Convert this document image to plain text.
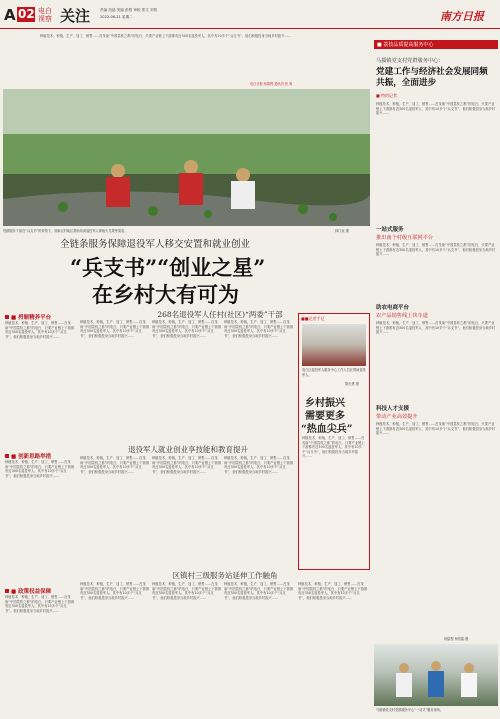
A 02 电白
视察 关注	责编 范晶 美编 彭银 审校 郑文 刘智
2022-06-21 星期二	南方日报
种植技术、种植，生产、加工、销售……在茂南“中国荔枝之都”的电白，只要产业链上下游都有近300名退役军人，其中有10多个“兵支书”，他们积极投身当地乡村振兴……
电白日报 杨铭程 通讯员 张 爽
驻镇服务干部在“兵支书”的带领下，到新农村地区帮助培训退役军人种植火龙果等果苗。	林门冠 摄
全链条服务保障退役军人移交安置和就业创业
“兵支书”“创业之星”
在乡村大有可为
■ 捋顺精养平台
种植技术、种植，生产、加工、销售……在茂南“中国荔枝之都”的电白，只要产业链上下游都有近300名退役军人，其中有10多个“兵支书”，他们积极投身当地乡村振兴……
■ 创新思路举措
种植技术、种植，生产、加工、销售……在茂南“中国荔枝之都”的电白，只要产业链上下游都有近300名退役军人，其中有10多个“兵支书”，他们积极投身当地乡村振兴……
■ 政策权益保障
种植技术、种植，生产、加工、销售……在茂南“中国荔枝之都”的电白，只要产业链上下游都有近300名退役军人，其中有10多个“兵支书”，他们积极投身当地乡村振兴……
268名退役军人任村(社区)“两委”干部
种植技术、种植，生产、加工、销售……在茂南“中国荔枝之都”的电白，只要产业链上下游都有近300名退役军人，其中有10多个“兵支书”，他们积极投身当地乡村振兴……
种植技术、种植，生产、加工、销售……在茂南“中国荔枝之都”的电白，只要产业链上下游都有近300名退役军人，其中有10多个“兵支书”，他们积极投身当地乡村振兴……
种植技术、种植，生产、加工、销售……在茂南“中国荔枝之都”的电白，只要产业链上下游都有近300名退役军人，其中有10多个“兵支书”，他们积极投身当地乡村振兴……
■■记者手记
电白区退役军人服务中心工作人员在帮助退役军人。
陈长勇 摄
乡村振兴
需要更多
“热血尖兵”
种植技术、种植，生产、加工、销售……在茂南“中国荔枝之都”的电白，只要产业链上下游都有近300名退役军人，其中有10多个“兵支书”，他们积极投身当地乡村振兴……
退役军人就业创业享技能和教育提升
种植技术、种植，生产、加工、销售……在茂南“中国荔枝之都”的电白，只要产业链上下游都有近300名退役军人，其中有10多个“兵支书”，他们积极投身当地乡村振兴……
种植技术、种植，生产、加工、销售……在茂南“中国荔枝之都”的电白，只要产业链上下游都有近300名退役军人，其中有10多个“兵支书”，他们积极投身当地乡村振兴……
种植技术、种植，生产、加工、销售……在茂南“中国荔枝之都”的电白，只要产业链上下游都有近300名退役军人，其中有10多个“兵支书”，他们积极投身当地乡村振兴……
区镇村三级服务站延伸工作触角
种植技术、种植，生产、加工、销售……在茂南“中国荔枝之都”的电白，只要产业链上下游都有近300名退役军人，其中有10多个“兵支书”，他们积极投身当地乡村振兴……
种植技术、种植，生产、加工、销售……在茂南“中国荔枝之都”的电白，只要产业链上下游都有近300名退役军人，其中有10多个“兵支书”，他们积极投身当地乡村振兴……
种植技术、种植，生产、加工、销售……在茂南“中国荔枝之都”的电白，只要产业链上下游都有近300名退役军人，其中有10多个“兵支书”，他们积极投身当地乡村振兴……
种植技术、种植，生产、加工、销售……在茂南“中国荔枝之都”的电白，只要产业链上下游都有近300名退役军人，其中有10多个“兵支书”，他们积极投身当地乡村振兴……
■ 荔枝品质提高服务中心
马援镇党支村党群服务中心：
党建工作与经济社会发展同频共振，全面进步
■ 特约记者
种植技术、种植，生产、加工、销售……在茂南“中国荔枝之都”的电白，只要产业链上下游都有近300名退役军人，其中有10多个“兵支书”，他们积极投身当地乡村振兴……
一站式服务
推出南个村级互联网平台
种植技术、种植，生产、加工、销售……在茂南“中国荔枝之都”的电白，只要产业链上下游都有近300名退役军人，其中有10多个“兵支书”，他们积极投身当地乡村振兴……
助农电商平台
农产品销售线上快车道
种植技术、种植，生产、加工、销售……在茂南“中国荔枝之都”的电白，只要产业链上下游都有近300名退役军人，其中有10多个“兵支书”，他们积极投身当地乡村振兴……
科技人才支援
带动产业高效提升
种植技术、种植，生产、加工、销售……在茂南“中国荔枝之都”的电白，只要产业链上下游都有近300名退役军人，其中有10多个“兵支书”，他们积极投身当地乡村振兴……
杨铭程 杨智铭 摄
马援镇党支村党群服务中心“一站式”服务现场。
